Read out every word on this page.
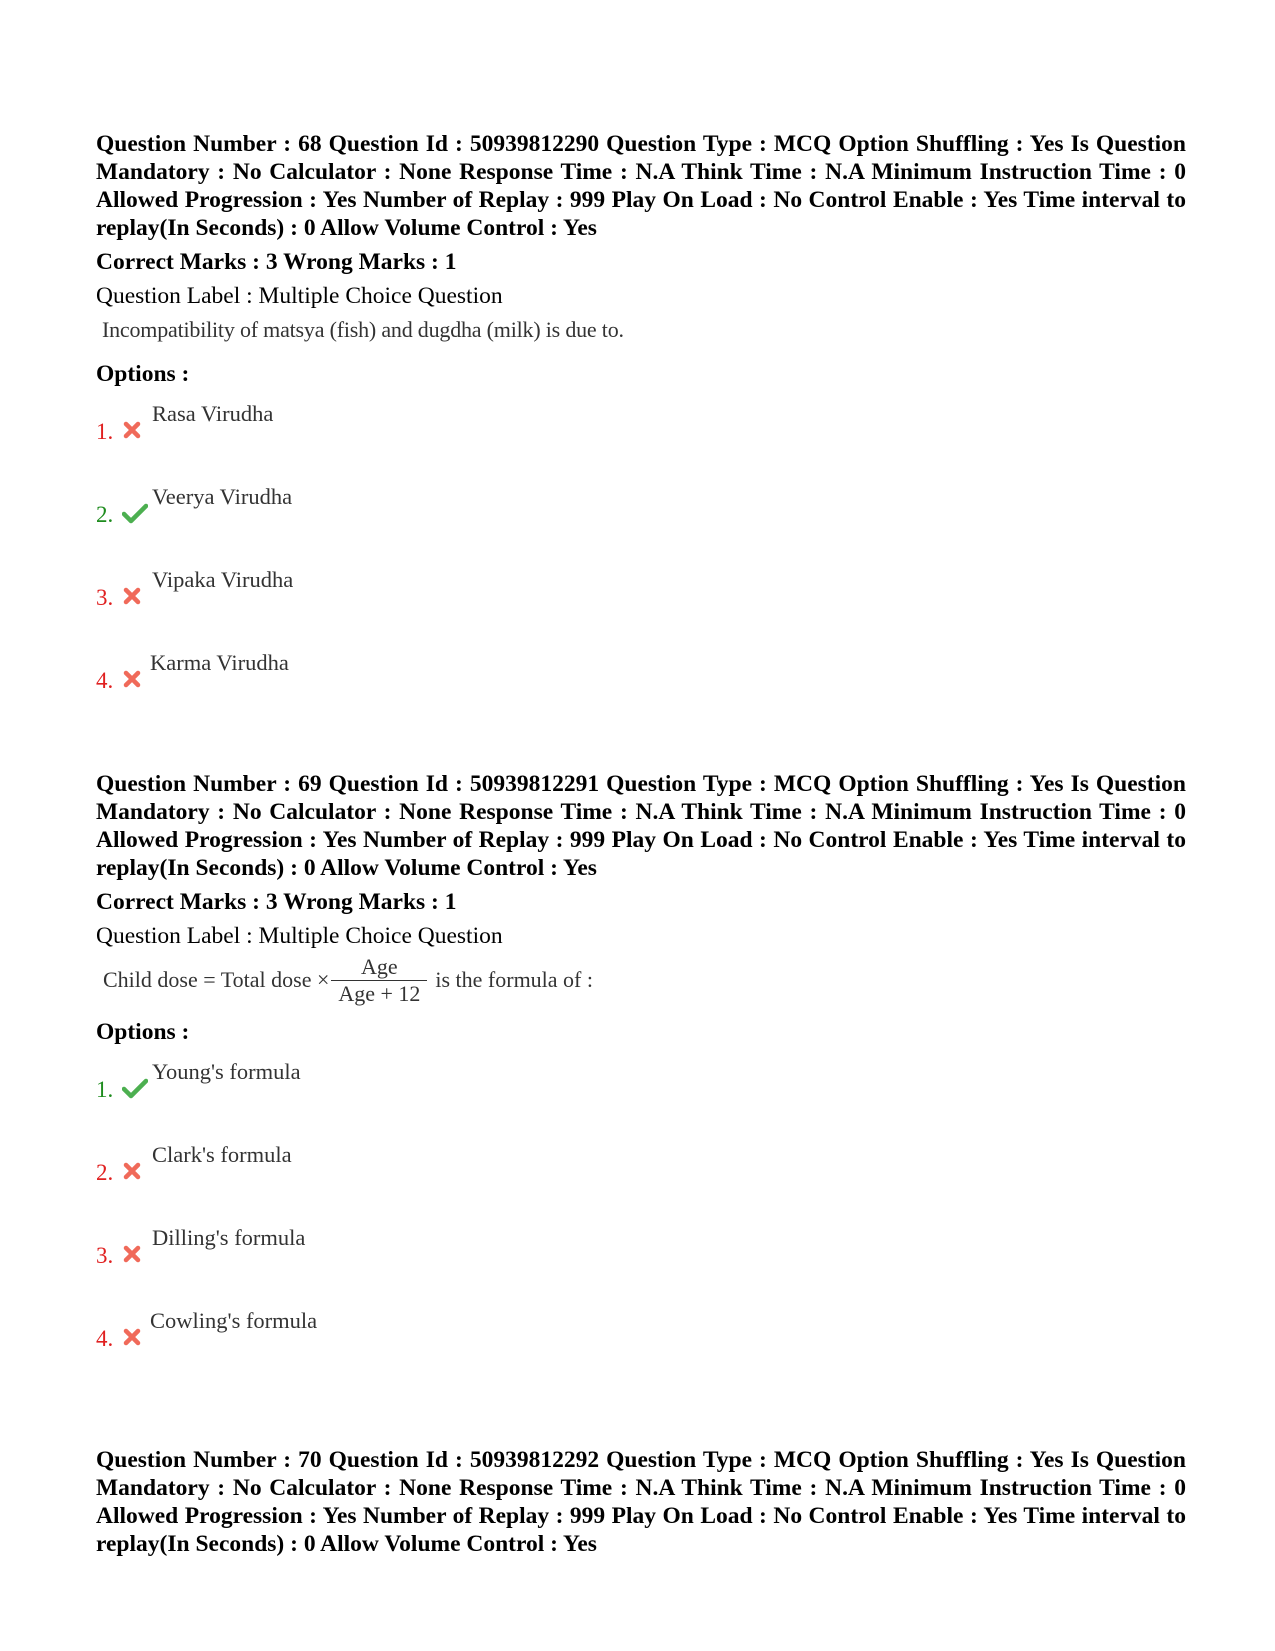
Question Number : 68 Question Id : 50939812290 Question Type : MCQ Option Shuffling : Yes Is Question Mandatory : No Calculator : None Response Time : N.A Think Time : N.A Minimum Instruction Time : 0 Allowed Progression : Yes Number of Replay : 999 Play On Load : No Control Enable : Yes Time interval to replay(In Seconds) : 0 Allow Volume Control : Yes

Correct Marks : 3 Wrong Marks : 1
Question Label : Multiple Choice Question
Incompatibility of matsya (fish) and dugdha (milk) is due to.
Options :
1.
Rasa Virudha
2.
Veerya Virudha
3.
Vipaka Virudha
4.
Karma Virudha

Question Number : 69 Question Id : 50939812291 Question Type : MCQ Option Shuffling : Yes Is Question Mandatory : No Calculator : None Response Time : N.A Think Time : N.A Minimum Instruction Time : 0 Allowed Progression : Yes Number of Replay : 999 Play On Load : No Control Enable : Yes Time interval to replay(In Seconds) : 0 Allow Volume Control : Yes

Correct Marks : 3 Wrong Marks : 1
Question Label : Multiple Choice Question
Child dose = Total dose × $\frac{\text{Age}}{\text{Age + 12}}$ is the formula of :
Options :
1.
Young's formula
2.
Clark's formula
3.
Dilling's formula
4.
Cowling's formula

Question Number : 70 Question Id : 50939812292 Question Type : MCQ Option Shuffling : Yes Is Question Mandatory : No Calculator : None Response Time : N.A Think Time : N.A Minimum Instruction Time : 0 Allowed Progression : Yes Number of Replay : 999 Play On Load : No Control Enable : Yes Time interval to replay(In Seconds) : 0 Allow Volume Control : Yes
